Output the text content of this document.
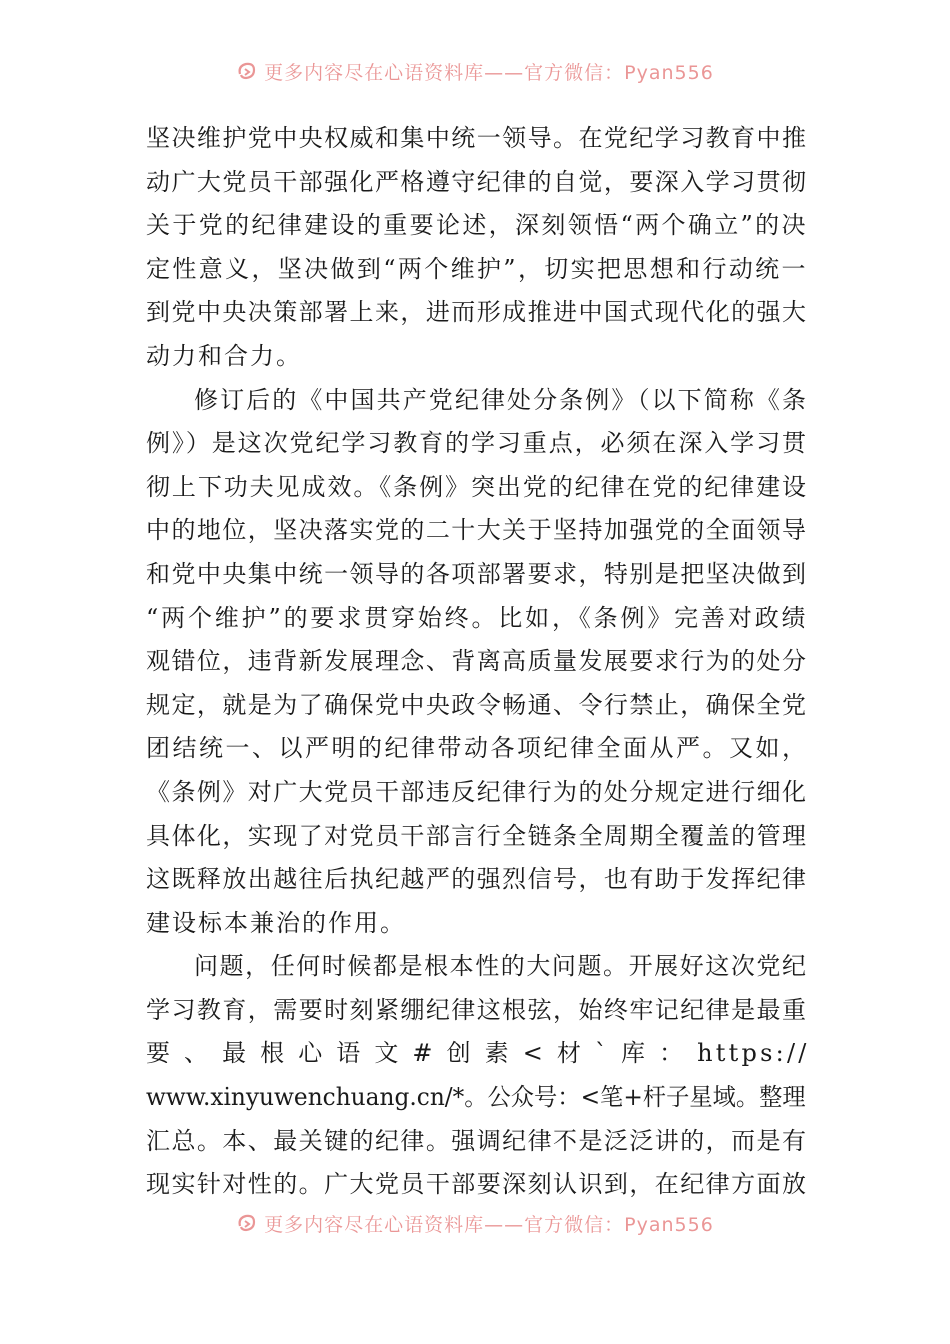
更多内容尽在心语资料库——官方微信：Pyan556
坚决维护党中央权威和集中统一领导。在党纪学习教育中推
动广大党员干部强化严格遵守纪律的自觉，要深入学习贯彻
关于党的纪律建设的重要论述，深刻领悟“两个确立”的决
定性意义，坚决做到“两个维护”，切实把思想和行动统一
到党中央决策部署上来，进而形成推进中国式现代化的强大
动力和合力。
修订后的《中国共产党纪律处分条例》（以下简称《条
例》）是这次党纪学习教育的学习重点，必须在深入学习贯
彻上下功夫见成效。《条例》突出党的纪律在党的纪律建设
中的地位，坚决落实党的二十大关于坚持加强党的全面领导
和党中央集中统一领导的各项部署要求，特别是把坚决做到
“两个维护”的要求贯穿始终。比如，《条例》完善对政绩
观错位，违背新发展理念、背离高质量发展要求行为的处分
规定，就是为了确保党中央政令畅通、令行禁止，确保全党
团结统一、以严明的纪律带动各项纪律全面从严。又如，
《条例》对广大党员干部违反纪律行为的处分规定进行细化
具体化，实现了对党员干部言行全链条全周期全覆盖的管理
这既释放出越往后执纪越严的强烈信号，也有助于发挥纪律
建设标本兼治的作用。
问题，任何时候都是根本性的大问题。开展好这次党纪
学习教育，需要时刻紧绷纪律这根弦，始终牢记纪律是最重
要 、 最 根 心 语 文 # 创 素 < 材 ` 库 ： https://
www.xinyuwenchuang.cn/*。公众号：<笔+杆子星域。整理
汇总。本、最关键的纪律。强调纪律不是泛泛讲的，而是有
现实针对性的。广大党员干部要深刻认识到，在纪律方面放
更多内容尽在心语资料库——官方微信：Pyan556
